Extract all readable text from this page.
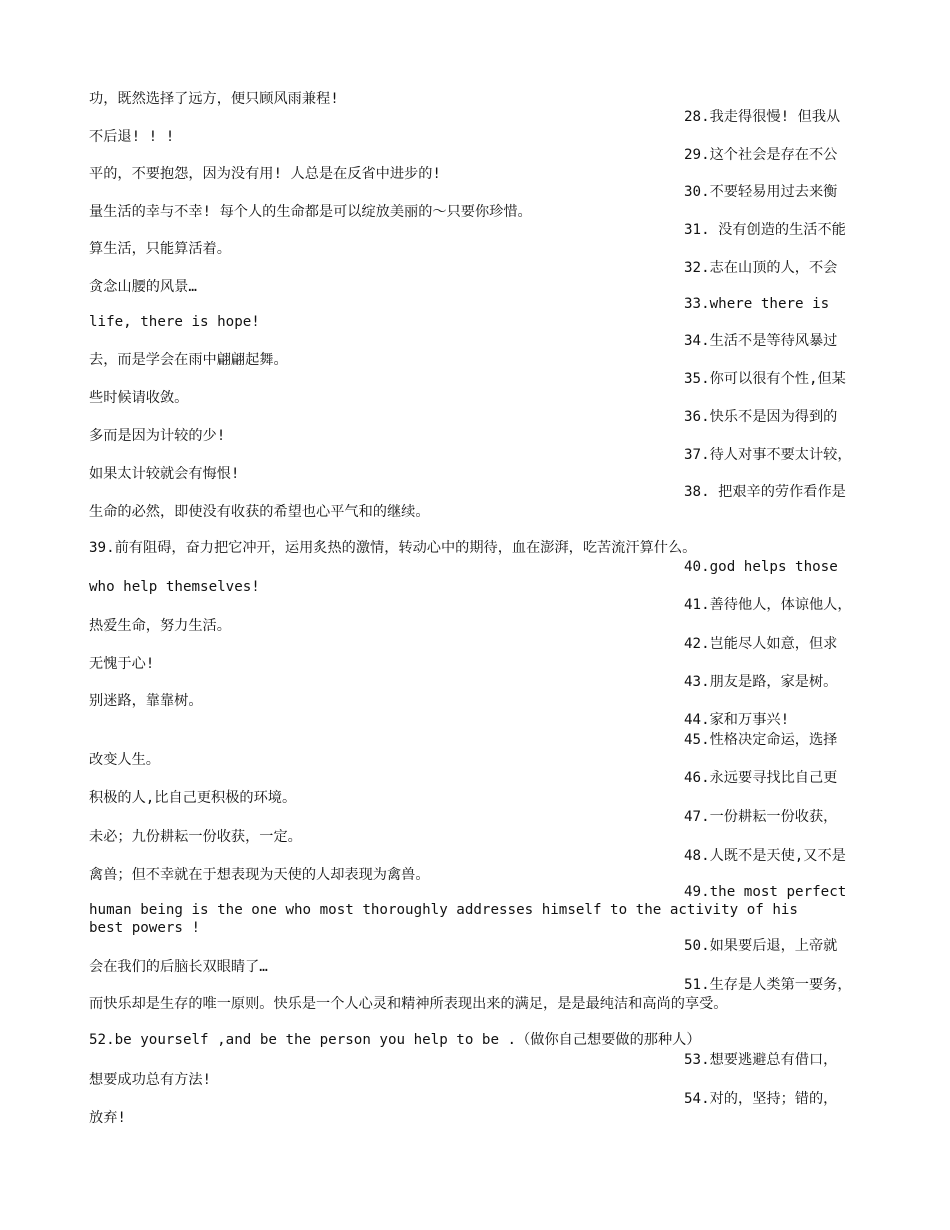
功，既然选择了远方，便只顾风雨兼程!
28.我走得很慢! 但我从
不后退! ! !
29.这个社会是存在不公
平的，不要抱怨，因为没有用! 人总是在反省中进步的!
30.不要轻易用过去来衡
量生活的幸与不幸! 每个人的生命都是可以绽放美丽的～只要你珍惜。
31. 没有创造的生活不能
算生活，只能算活着。
32.志在山顶的人，不会
贪念山腰的风景…
33.where there is
life, there is hope!
34.生活不是等待风暴过
去，而是学会在雨中翩翩起舞。
35.你可以很有个性,但某
些时候请收敛。
36.快乐不是因为得到的
多而是因为计较的少!
37.待人对事不要太计较，
如果太计较就会有悔恨!
38. 把艰辛的劳作看作是
生命的必然，即使没有收获的希望也心平气和的继续。
39.前有阻碍，奋力把它冲开，运用炙热的激情，转动心中的期待，血在澎湃，吃苦流汗算什么。
40.god helps those
who help themselves!
41.善待他人，体谅他人，
热爱生命，努力生活。
42.岂能尽人如意，但求
无愧于心!
43.朋友是路，家是树。
别迷路，靠靠树。
44.家和万事兴!
45.性格决定命运，选择
改变人生。
46.永远要寻找比自己更
积极的人,比自己更积极的环境。
47.一份耕耘一份收获，
未必；九份耕耘一份收获，一定。
48.人既不是天使,又不是
禽兽；但不幸就在于想表现为天使的人却表现为禽兽。
49.the most perfect
human being is the one who most thoroughly addresses himself to the activity of his
best powers !
50.如果要后退，上帝就
会在我们的后脑长双眼睛了…
51.生存是人类第一要务，
而快乐却是生存的唯一原则。快乐是一个人心灵和精神所表现出来的满足，是是最纯洁和高尚的享受。
52.be yourself ,and be the person you help to be .（做你自己想要做的那种人）
53.想要逃避总有借口，
想要成功总有方法!
54.对的，坚持；错的，
放弃!
